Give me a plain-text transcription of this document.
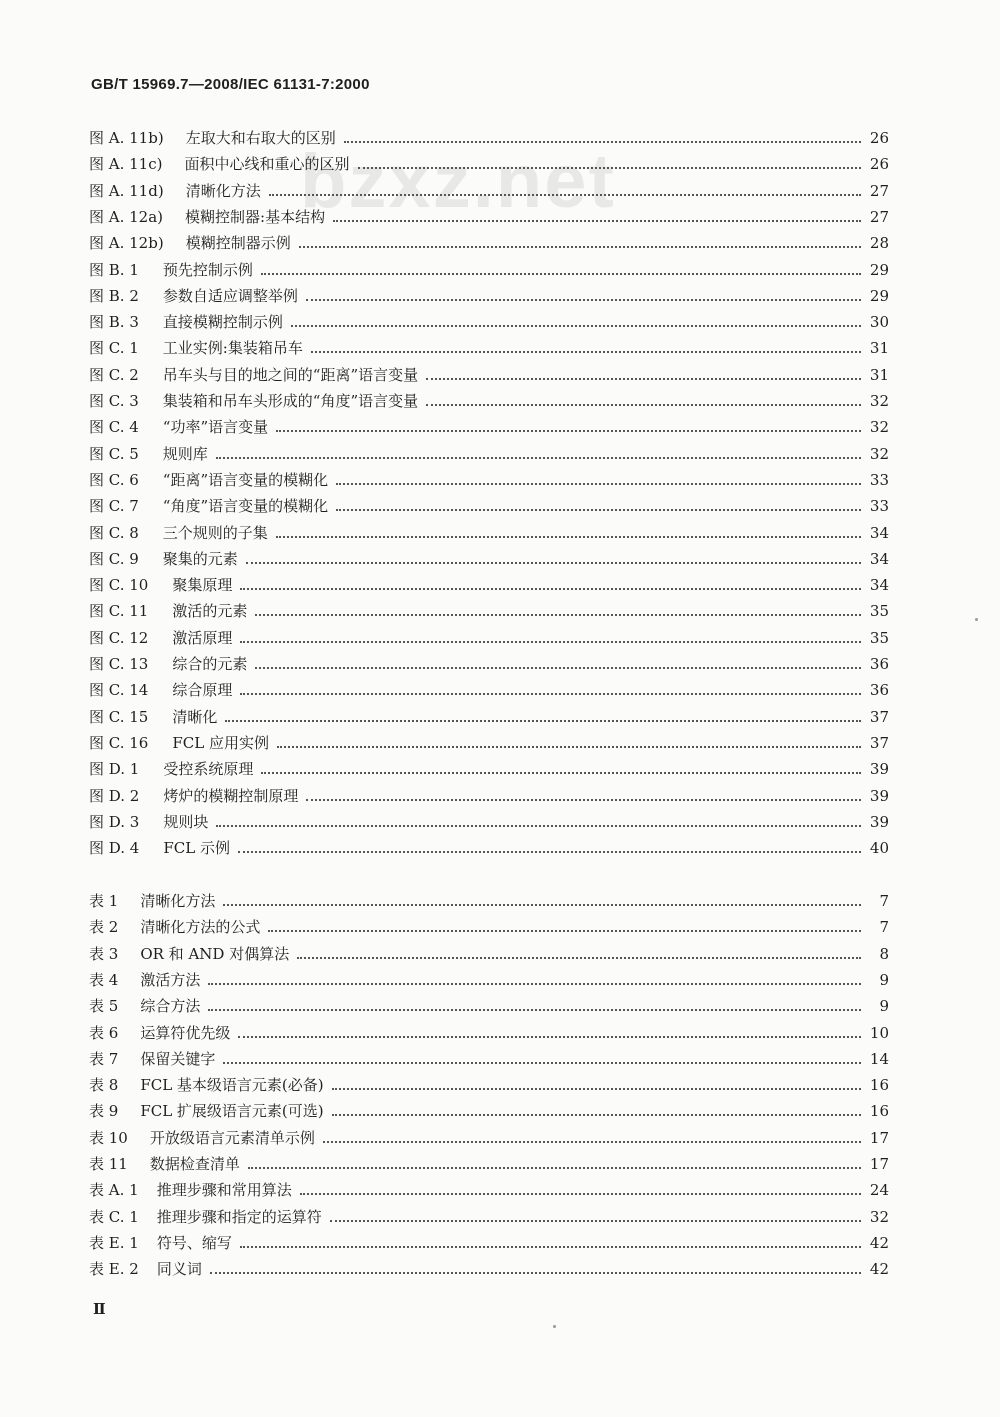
GB/T 15969.7—2008/IEC 61131-7:2000
bzxz.net
图 A. 11b) 左取大和右取大的区别	26
图 A. 11c) 面积中心线和重心的区别	26
图 A. 11d) 清晰化方法	27
图 A. 12a) 模糊控制器:基本结构	27
图 A. 12b) 模糊控制器示例	28
图 B. 1 预先控制示例	29
图 B. 2 参数自适应调整举例	29
图 B. 3 直接模糊控制示例	30
图 C. 1 工业实例:集装箱吊车	31
图 C. 2 吊车头与目的地之间的“距离”语言变量	31
图 C. 3 集装箱和吊车头形成的“角度”语言变量	32
图 C. 4 “功率”语言变量	32
图 C. 5 规则库	32
图 C. 6 “距离”语言变量的模糊化	33
图 C. 7 “角度”语言变量的模糊化	33
图 C. 8 三个规则的子集	34
图 C. 9 聚集的元素	34
图 C. 10 聚集原理	34
图 C. 11 激活的元素	35
图 C. 12 激活原理	35
图 C. 13 综合的元素	36
图 C. 14 综合原理	36
图 C. 15 清晰化	37
图 C. 16 FCL 应用实例	37
图 D. 1 受控系统原理	39
图 D. 2 烤炉的模糊控制原理	39
图 D. 3 规则块	39
图 D. 4 FCL 示例	40
表 1 清晰化方法	7
表 2 清晰化方法的公式	7
表 3 OR 和 AND 对偶算法	8
表 4 激活方法	9
表 5 综合方法	9
表 6 运算符优先级	10
表 7 保留关键字	14
表 8 FCL 基本级语言元素(必备)	16
表 9 FCL 扩展级语言元素(可选)	16
表 10 开放级语言元素清单示例	17
表 11 数据检查清单	17
表 A. 1 推理步骤和常用算法	24
表 C. 1 推理步骤和指定的运算符	32
表 E. 1 符号、缩写	42
表 E. 2 同义词	42
Ⅱ
